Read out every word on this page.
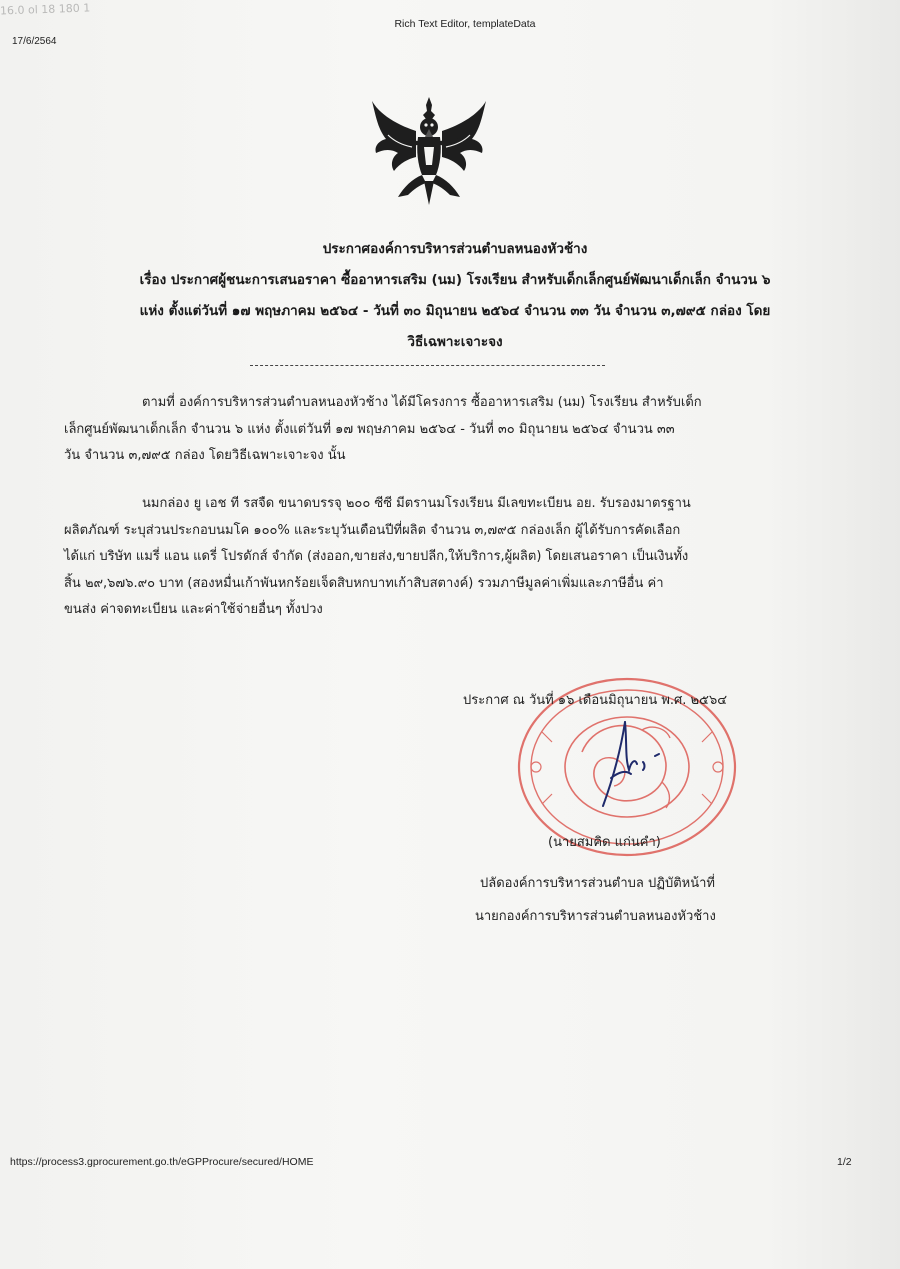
16.0 ol 18 180 1
17/6/2564
Rich Text Editor, templateData
ประกาศองค์การบริหารส่วนตำบลหนองหัวช้าง
เรื่อง ประกาศผู้ชนะการเสนอราคา ซื้ออาหารเสริม (นม) โรงเรียน สำหรับเด็กเล็กศูนย์พัฒนาเด็กเล็ก จำนวน ๖
แห่ง ตั้งแต่วันที่ ๑๗ พฤษภาคม ๒๕๖๔ - วันที่ ๓๐ มิถุนายน ๒๕๖๔ จำนวน ๓๓ วัน จำนวน ๓,๗๙๕ กล่อง โดย
วิธีเฉพาะเจาะจง
ตามที่ องค์การบริหารส่วนตำบลหนองหัวช้าง ได้มีโครงการ ซื้ออาหารเสริม (นม) โรงเรียน สำหรับเด็ก
เล็กศูนย์พัฒนาเด็กเล็ก จำนวน ๖ แห่ง ตั้งแต่วันที่ ๑๗ พฤษภาคม ๒๕๖๔ - วันที่ ๓๐ มิถุนายน ๒๕๖๔ จำนวน ๓๓
วัน จำนวน ๓,๗๙๕ กล่อง โดยวิธีเฉพาะเจาะจง นั้น
นมกล่อง ยู เอช ที รสจืด ขนาดบรรจุ ๒๐๐ ซีซี มีตรานมโรงเรียน มีเลขทะเบียน อย. รับรองมาตรฐาน
ผลิตภัณฑ์ ระบุส่วนประกอบนมโค ๑๐๐% และระบุวันเดือนปีที่ผลิต จำนวน ๓,๗๙๕ กล่องเล็ก ผู้ได้รับการคัดเลือก
ได้แก่ บริษัท แมรี่ แอน แดรี่ โปรดักส์ จำกัด (ส่งออก,ขายส่ง,ขายปลีก,ให้บริการ,ผู้ผลิต) โดยเสนอราคา เป็นเงินทั้ง
สิ้น ๒๙,๖๗๖.๙๐ บาท (สองหมื่นเก้าพันหกร้อยเจ็ดสิบหกบาทเก้าสิบสตางค์) รวมภาษีมูลค่าเพิ่มและภาษีอื่น ค่า
ขนส่ง ค่าจดทะเบียน และค่าใช้จ่ายอื่นๆ ทั้งปวง
ประกาศ ณ วันที่ ๑๖ เดือนมิถุนายน พ.ศ. ๒๕๖๔
(นายสมคิด แก่นคำ)
ปลัดองค์การบริหารส่วนตำบล ปฏิบัติหน้าที่
นายกองค์การบริหารส่วนตำบลหนองหัวช้าง
https://process3.gprocurement.go.th/eGPProcure/secured/HOME	1/2
